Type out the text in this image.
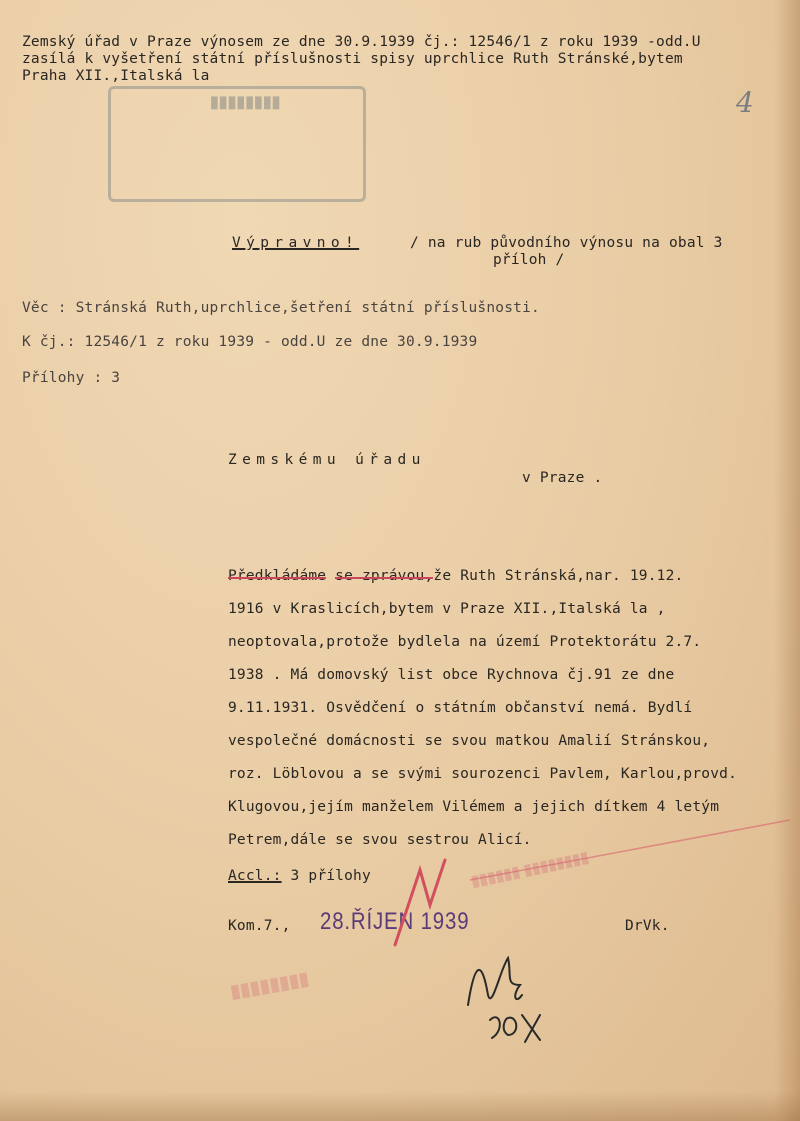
Zemský úřad v Praze výnosem ze dne 30.9.1939 čj.: 12546/1 z roku 1939 -odd.U
zasílá k vyšetření státní příslušnosti spisy uprchlice Ruth Stránské,bytem
Praha XII.,Italská la
▮▮▮▮▮▮▮▮	4
Výpravno!	/ na rub původního výnosu na obal 3
příloh /
Věc : Stránská Ruth,uprchlice,šetření státní příslušnosti.
K čj.: 12546/1 z roku 1939 - odd.U ze dne 30.9.1939
Přílohy : 3
Zemskému úřadu
v Praze .
Předkládáme se zprávou,že Ruth Stránská,nar. 19.12.
1916 v Kraslicích,bytem v Praze XII.,Italská la ,
neoptovala,protože bydlela na území Protektorátu 2.7.
1938 . Má domovský list obce Rychnova čj.91 ze dne
9.11.1931. Osvědčení o státním občanství nemá. Bydlí
vespolečné domácnosti se svou matkou Amalií Stránskou,
roz. Löblovou a se svými sourozenci Pavlem, Karlou,provd.
Klugovou,jejím manželem Vilémem a jejich dítkem 4 letým
Petrem,dále se svou sestrou Alicí.
Accl.: 3 přílohy	▮▮▮▮▮▮ ▮▮▮▮▮▮▮▮
▮▮▮▮▮▮▮▮
Kom.7., 28.ŘÍJEN 1939	DrVk.
